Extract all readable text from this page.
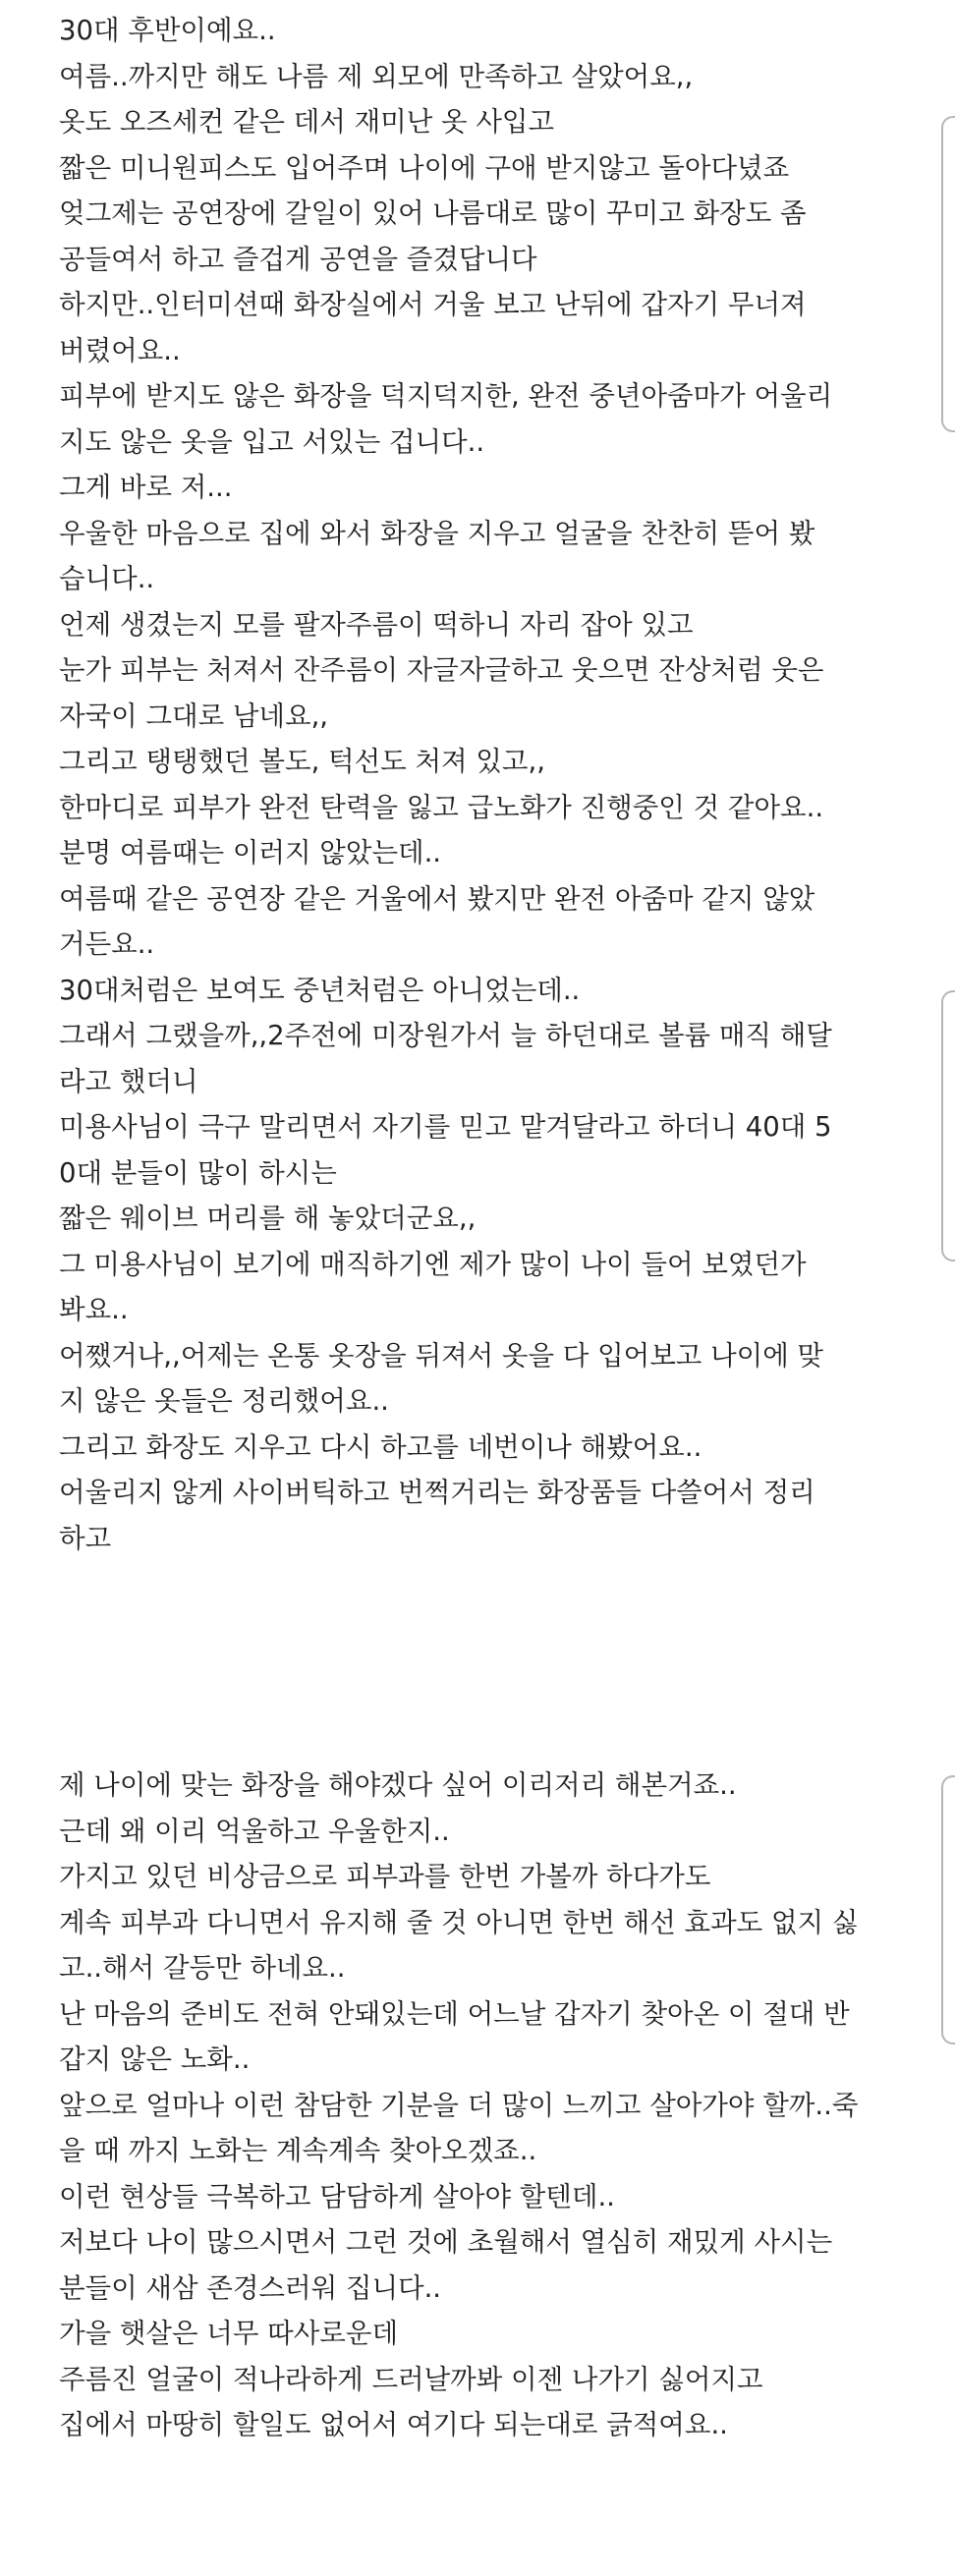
30대 후반이예요..

여름..까지만 해도 나름 제 외모에 만족하고 살았어요,,

옷도 오즈세컨 같은 데서 재미난 옷 사입고

짧은 미니원피스도 입어주며 나이에 구애 받지않고 돌아다녔죠

엊그제는 공연장에 갈일이 있어 나름대로 많이 꾸미고 화장도 좀

공들여서 하고 즐겁게 공연을 즐겼답니다

하지만..인터미션때 화장실에서 거울 보고 난뒤에 갑자기 무너져

버렸어요..

피부에 받지도 않은 화장을 덕지덕지한, 완전 중년아줌마가 어울리

지도 않은 옷을 입고 서있는 겁니다..

그게 바로 저...

우울한 마음으로 집에 와서 화장을 지우고 얼굴을 찬찬히 뜯어 봤

습니다..

언제 생겼는지 모를 팔자주름이 떡하니 자리 잡아 있고

눈가 피부는 처져서 잔주름이 자글자글하고 웃으면 잔상처럼 웃은

자국이 그대로 남네요,,

그리고 탱탱했던 볼도, 턱선도 처져 있고,,

한마디로 피부가 완전 탄력을 잃고 급노화가 진행중인 것 같아요..

분명 여름때는 이러지 않았는데..

여름때 같은 공연장 같은 거울에서 봤지만 완전 아줌마 같지 않았

거든요..

30대처럼은 보여도 중년처럼은 아니었는데..

그래서 그랬을까,,2주전에 미장원가서 늘 하던대로 볼륨 매직 해달

라고 했더니

미용사님이 극구 말리면서 자기를 믿고 맡겨달라고 하더니 40대 5

0대 분들이 많이 하시는

짧은 웨이브 머리를 해 놓았더군요,,

그 미용사님이 보기에 매직하기엔 제가 많이 나이 들어 보였던가

봐요..

어쨌거나,,어제는 온통 옷장을 뒤져서 옷을 다 입어보고 나이에 맞

지 않은 옷들은 정리했어요..

그리고 화장도 지우고 다시 하고를 네번이나 해봤어요..

어울리지 않게 사이버틱하고 번쩍거리는 화장품들 다쓸어서 정리

하고

제 나이에 맞는 화장을 해야겠다 싶어 이리저리 해본거죠..

근데 왜 이리 억울하고 우울한지..

가지고 있던 비상금으로 피부과를 한번 가볼까 하다가도

계속 피부과 다니면서 유지해 줄 것 아니면 한번 해선 효과도 없지 싫

고..해서 갈등만 하네요..

난 마음의 준비도 전혀 안돼있는데 어느날 갑자기 찾아온 이 절대 반

갑지 않은 노화..

앞으로 얼마나 이런 참담한 기분을 더 많이 느끼고 살아가야 할까..죽

을 때 까지 노화는 계속계속 찾아오겠죠..

이런 현상들 극복하고 담담하게 살아야 할텐데..

저보다 나이 많으시면서 그런 것에 초월해서 열심히 재밌게 사시는

분들이 새삼 존경스러워 집니다..

가을 햇살은 너무 따사로운데

주름진 얼굴이 적나라하게 드러날까봐 이젠 나가기 싫어지고

집에서 마땅히 할일도 없어서 여기다 되는대로 긁적여요..
